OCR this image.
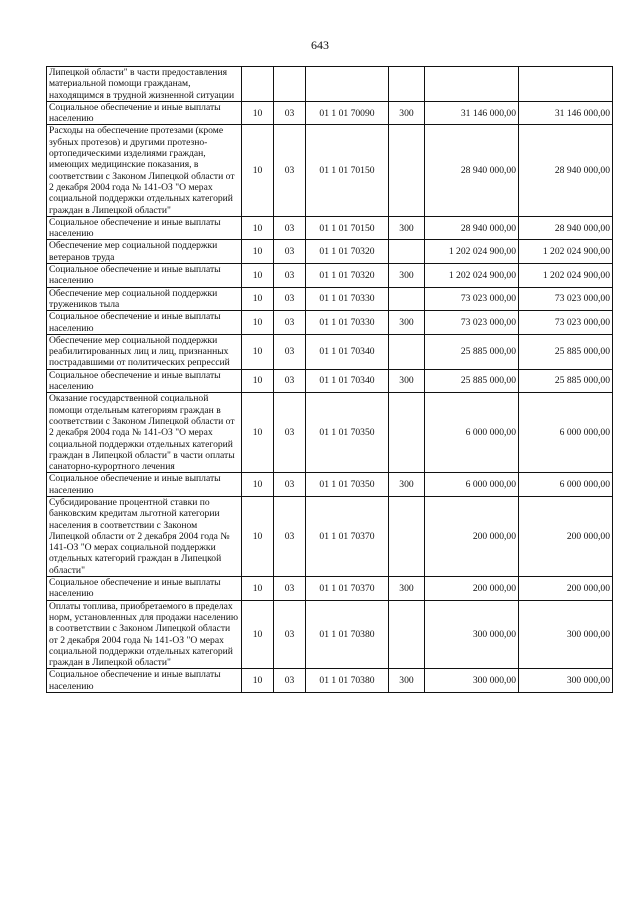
643
Липецкой области" в части предоставления материальной помощи гражданам, находящимся в трудной жизненной ситуации						
Социальное обеспечение и иные выплаты населению	10	03	01 1 01 70090	300	31 146 000,00	31 146 000,00
Расходы на обеспечение протезами (кроме зубных протезов) и другими протезно-ортопедическими изделиями граждан, имеющих медицинские показания, в соответствии с Законом Липецкой области от 2 декабря 2004 года № 141-ОЗ "О мерах социальной поддержки отдельных категорий граждан в Липецкой области"	10	03	01 1 01 70150		28 940 000,00	28 940 000,00
Социальное обеспечение и иные выплаты населению	10	03	01 1 01 70150	300	28 940 000,00	28 940 000,00
Обеспечение мер социальной поддержки ветеранов труда	10	03	01 1 01 70320		1 202 024 900,00	1 202 024 900,00
Социальное обеспечение и иные выплаты населению	10	03	01 1 01 70320	300	1 202 024 900,00	1 202 024 900,00
Обеспечение мер социальной поддержки тружеников тыла	10	03	01 1 01 70330		73 023 000,00	73 023 000,00
Социальное обеспечение и иные выплаты населению	10	03	01 1 01 70330	300	73 023 000,00	73 023 000,00
Обеспечение мер социальной поддержки реабилитированных лиц и лиц, признанных пострадавшими от политических репрессий	10	03	01 1 01 70340		25 885 000,00	25 885 000,00
Социальное обеспечение и иные выплаты населению	10	03	01 1 01 70340	300	25 885 000,00	25 885 000,00
Оказание государственной социальной помощи отдельным категориям граждан в соответствии с Законом Липецкой области от 2 декабря 2004 года № 141-ОЗ "О мерах социальной поддержки отдельных категорий граждан в Липецкой области" в части оплаты санаторно-курортного лечения	10	03	01 1 01 70350		6 000 000,00	6 000 000,00
Социальное обеспечение и иные выплаты населению	10	03	01 1 01 70350	300	6 000 000,00	6 000 000,00
Субсидирование процентной ставки по банковским кредитам льготной категории населения в соответствии с Законом Липецкой области от 2 декабря 2004 года № 141-ОЗ "О мерах социальной поддержки отдельных категорий граждан в Липецкой области"	10	03	01 1 01 70370		200 000,00	200 000,00
Социальное обеспечение и иные выплаты населению	10	03	01 1 01 70370	300	200 000,00	200 000,00
Оплаты топлива, приобретаемого в пределах норм, установленных для продажи населению в соответствии с Законом Липецкой области от 2 декабря 2004 года № 141-ОЗ "О мерах социальной поддержки отдельных категорий граждан в Липецкой области"	10	03	01 1 01 70380		300 000,00	300 000,00
Социальное обеспечение и иные выплаты населению	10	03	01 1 01 70380	300	300 000,00	300 000,00
